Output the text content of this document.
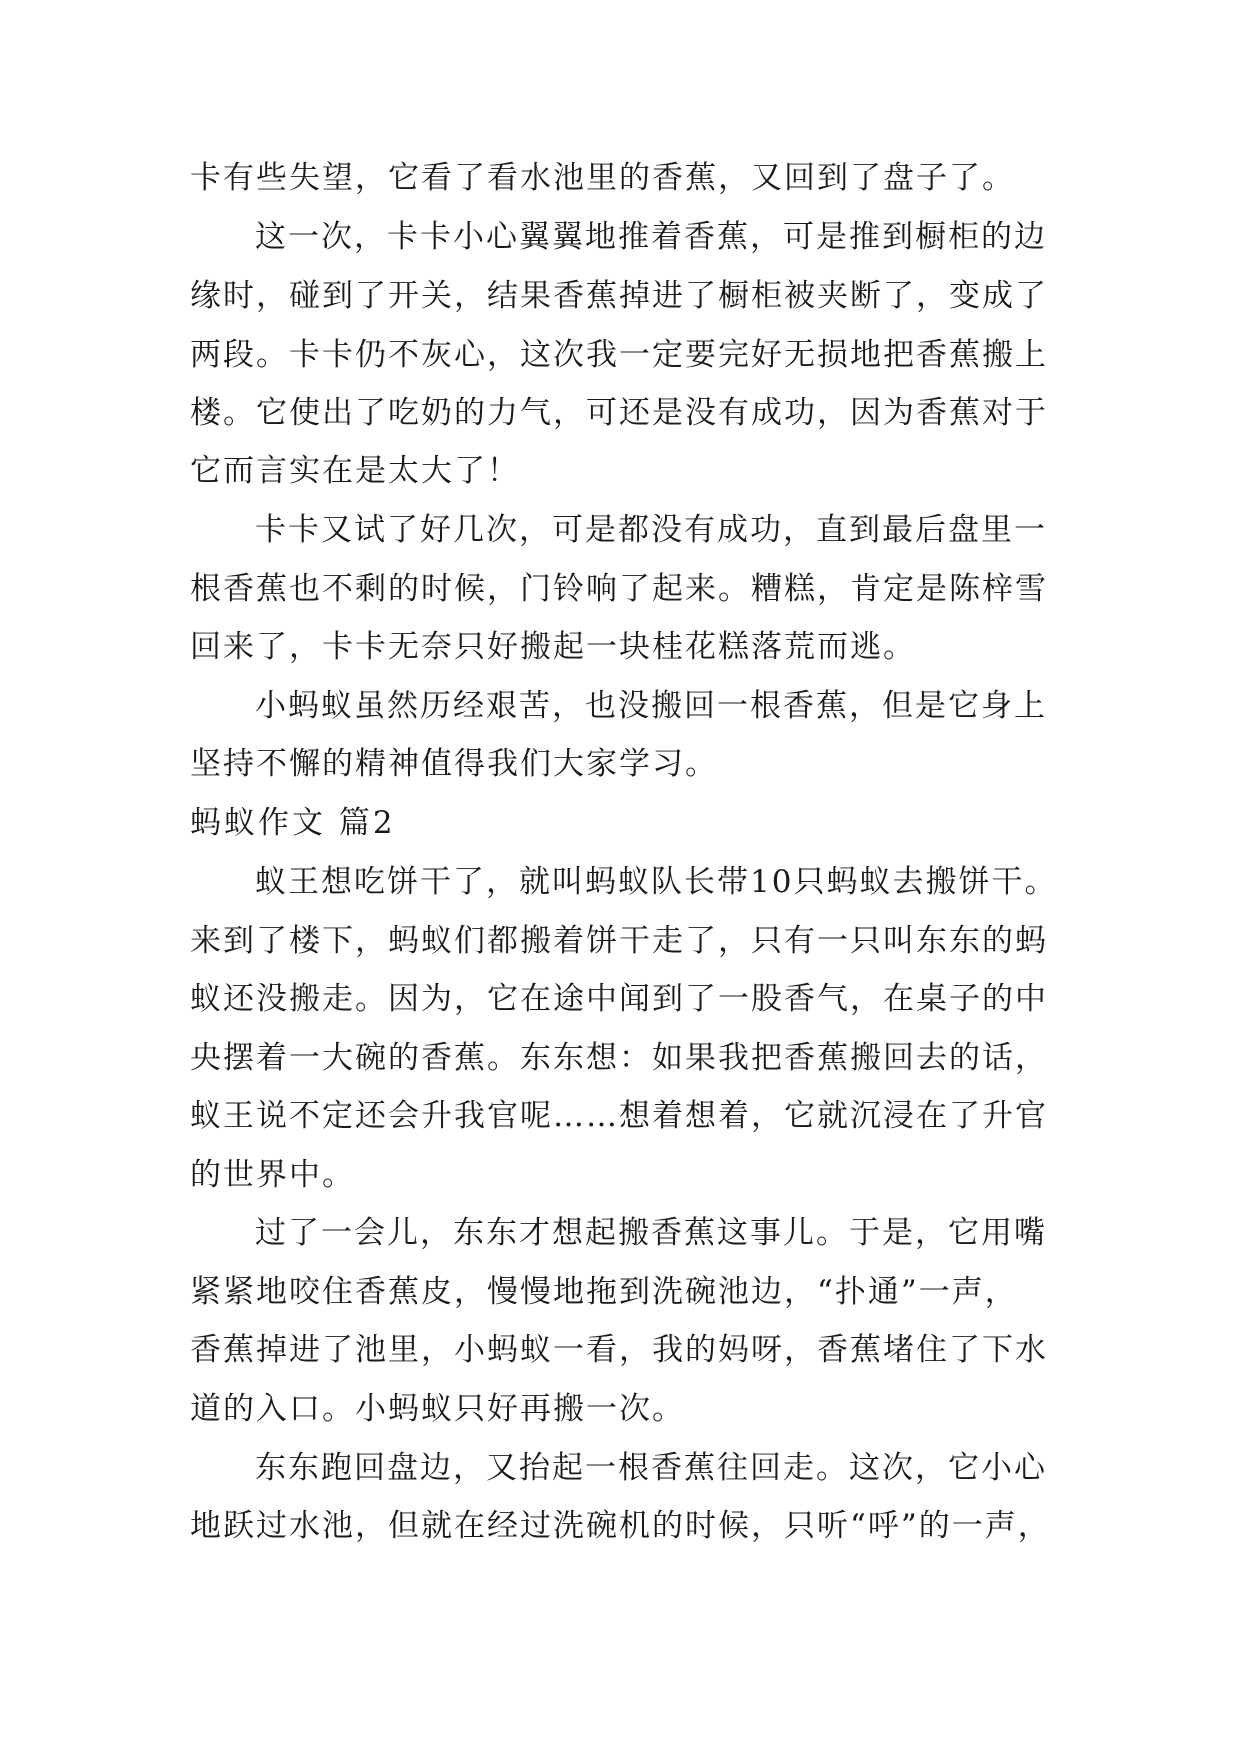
卡有些失望，它看了看水池里的香蕉，又回到了盘子了。
这一次，卡卡小心翼翼地推着香蕉，可是推到橱柜的边
缘时，碰到了开关，结果香蕉掉进了橱柜被夹断了，变成了
两段。卡卡仍不灰心，这次我一定要完好无损地把香蕉搬上
楼。它使出了吃奶的力气，可还是没有成功，因为香蕉对于
它而言实在是太大了！
卡卡又试了好几次，可是都没有成功，直到最后盘里一
根香蕉也不剩的时候，门铃响了起来。糟糕，肯定是陈梓雪
回来了，卡卡无奈只好搬起一块桂花糕落荒而逃。
小蚂蚁虽然历经艰苦，也没搬回一根香蕉，但是它身上
坚持不懈的精神值得我们大家学习。
蚂蚁作文 篇2
蚁王想吃饼干了，就叫蚂蚁队长带10只蚂蚁去搬饼干。
来到了楼下，蚂蚁们都搬着饼干走了，只有一只叫东东的蚂
蚁还没搬走。因为，它在途中闻到了一股香气，在桌子的中
央摆着一大碗的香蕉。东东想：如果我把香蕉搬回去的话，
蚁王说不定还会升我官呢……想着想着，它就沉浸在了升官
的世界中。
过了一会儿，东东才想起搬香蕉这事儿。于是，它用嘴
紧紧地咬住香蕉皮，慢慢地拖到洗碗池边，“扑通”一声，
香蕉掉进了池里，小蚂蚁一看，我的妈呀，香蕉堵住了下水
道的入口。小蚂蚁只好再搬一次。
东东跑回盘边，又抬起一根香蕉往回走。这次，它小心
地跃过水池，但就在经过洗碗机的时候，只听“呼”的一声，
